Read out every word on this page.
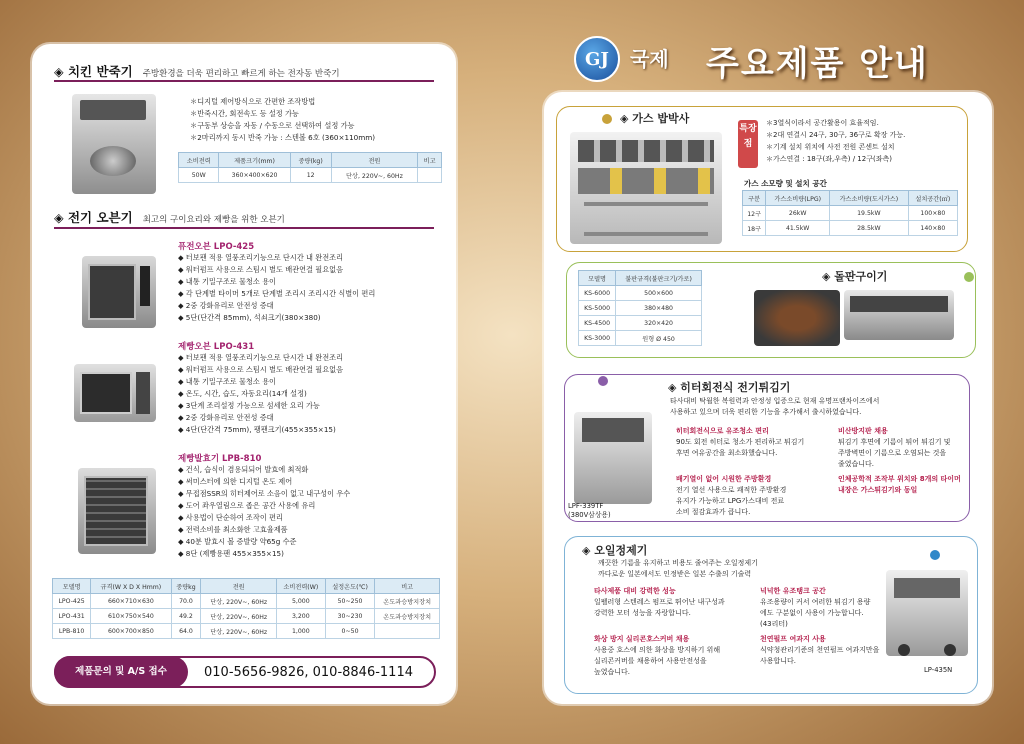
GJ	국제 주요제품 안내
◈ 치킨 반죽기 주방환경을 더욱 편리하고 빠르게 하는 전자동 반죽기
＊디지털 제어방식으로 간편한 조작방법
＊반죽시간, 회전속도 등 설정 가능
＊구동부 상승을 자동 / 수동으로 선택하여 설정 가능
＊2마리까지 동시 반죽 가능 : 스텐볼 6호 (360×110mm)
소비전력	제품크기(mm)	중량(kg)	전원	비고
50W	360×400×620	12	단상, 220V~, 60Hz	
◈ 전기 오븐기 최고의 구이요리와 제빵을 위한 오븐기
퓨전오븐 LPO-425
◆ 터보팬 적용 열풍조리기능으로 단시간 내 완전조리
◆ 워터펌프 사용으로 스팀시 별도 배관연결 필요없음
◆ 내통 기밀구조로 물청소 용이
◆ 각 단계별 타이머 5개로 단계별 조리시 조리시간 식별이 편리
◆ 2중 강화유리로 안전성 증대
◆ 5단(단간격 85mm), 석쇠크기(380×380)
제빵오븐 LPO-431
◆ 터보팬 적용 열풍조리기능으로 단시간 내 완전조리
◆ 워터펌프 사용으로 스팀시 별도 배관연결 필요없음
◆ 내통 기밀구조로 물청소 용이
◆ 온도, 시간, 습도, 자동요리(14개 설정)
◆ 3단계 조리설정 가능으로 섬세한 요리 가능
◆ 2중 강화유리로 안전성 증대
◆ 4단(단간격 75mm), 팽팬크기(455×355×15)
제빵발효기 LPB-810
◆ 건식, 습식이 겸용되되어 발효에 최적화
◆ 써미스터에 의한 디지털 온도 제어
◆ 무접점SSR의 히터제어로 소음이 없고 내구성이 우수
◆ 도어 좌우열림으로 좁은 공간 사용에 유리
◆ 사용법이 단순하여 조작이 편리
◆ 전력소비를 최소화한 고효율제품
◆ 40분 발효시 볼 증발량 약65g 수준
◆ 8단 (제빵용팬 455×355×15)
모델명	규격(W X D X Hmm)	중량kg	전원	소비전력(W)	설정온도(℃)	비고
LPO-425	660×710×630	70.0	단상, 220V~, 60Hz	5,000	50~250	온도과승방지장치
LPO-431	610×750×540	49.2	단상, 220V~, 60Hz	3,200	30~230	온도과승방지장치
LPB-810	600×700×850	64.0	단상, 220V~, 60Hz	1,000	0~50	
제품문의 및 A/S 접수	010-5656-9826, 010-8846-1114
◈ 가스 밥박사
특장점
＊3열식이라서 공간활용이 효율적임.
＊2대 연결시 24구, 30구, 36구로 확장 가능.
＊기계 설치 위치에 사전 전원 콘센트 설치
＊가스연결 : 18구(좌,우측) / 12구(좌측)
가스 소모량 및 설치 공간
구분	가스소비량(LPG)	가스소비량(도시가스)	설치공간(㎡)
12구	26kW	19.5kW	100×80
18구	41.5kW	28.5kW	140×80
모델명	불판규격(불판크기/가로)
KS-6000	500×600
KS-5000	380×480
KS-4500	320×420
KS-3000	원형 Ø 450
◈ 돌판구이기
◈ 히터회전식 전기튀김기
타사대비 탁월한 복원력과 안정성 입증으로 현재 유명프랜차이즈에서
사용하고 있으며 더욱 편리한 기능을 추가해서 출시하였습니다.
LPF-339TF
(380V삼상용)
히터회전식으로 유조청소 편리
90도 회전 히터로 청소가 편리하고 튀김기
후면 여유공간을 최소화했습니다.
비산방지판 채용
튀김기 후면에 기름이 튀어 튀김기 및
주방벽면이 기름으로 오염되는 것을
줄였습니다.
배기열이 없어 시원한 주방환경
전기 열선 사용으로 쾌적한 주방환경
유지가 가능하고 LPG가스대비 전료
소비 절감효과가 큽니다.
인체공학적 조작부 위치와 8개의 타이머 내장은 가스튀김기와 동일
◈ 오일정제기
깨끗한 기름을 유지하고 비용도 줄여주는 오일정제기
까다로운 일본에서도 인정받은 일본 수출의 기술력
타사제품 대비 강력한 성능
일펠러형 스텐레스 펌프로 뛰어난 내구성과
강력한 모터 성능을 자랑합니다.
넉넉한 유조탱크 공간
유조용량이 커서 여러한 튀김기 용량
에도 구분없이 사용이 가능합니다.
(43리터)
화상 방지 실리콘호스커버 채용
사용중 호스에 의한 화상을 방지하기 위해
실리콘커버를 채용하여 사용안전성을
높였습니다.
천연펄프 여과지 사용
식약청관리기준의 천연펄프 여과지만을
사용합니다.
LP-435N
